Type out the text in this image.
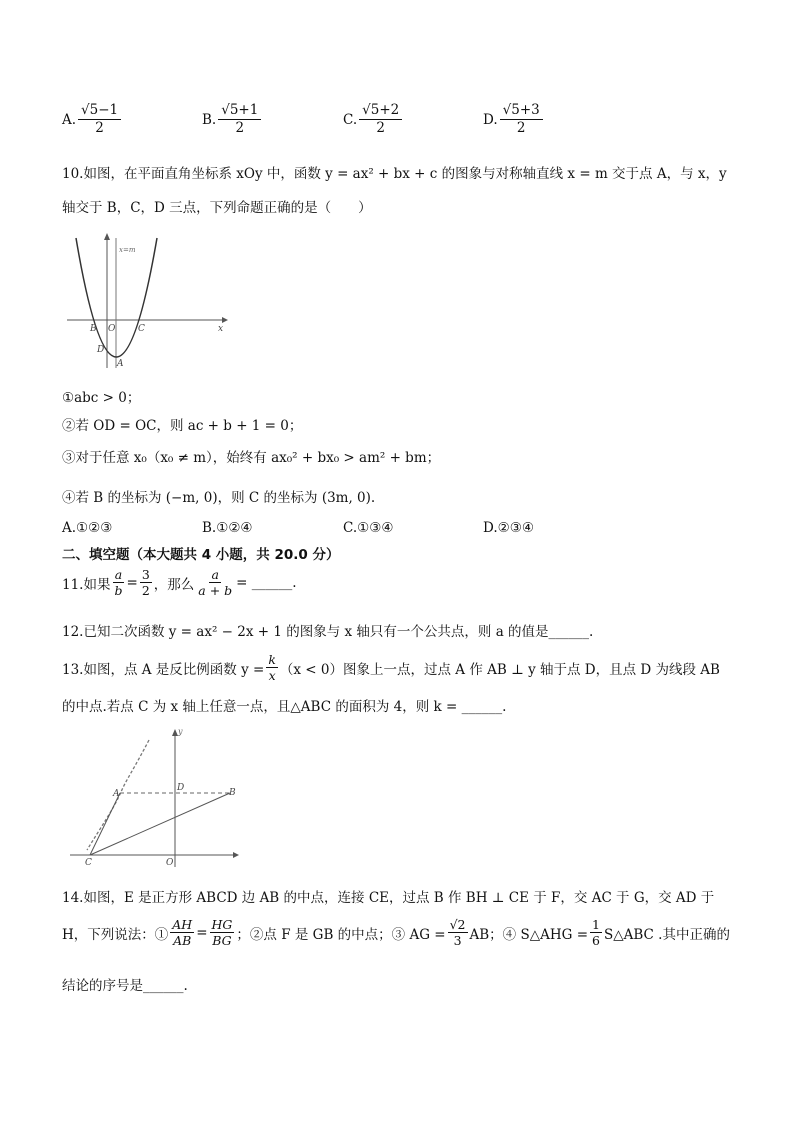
A. $\frac{√5-1}{2}$	B. $\frac{√5+1}{2}$	C. $\frac{√5+2}{2}$	D. $\frac{√5+3}{2}$
10.如图，在平面直角坐标系 xOy 中，函数 y = ax² + bx + c 的图象与对称轴直线 x = m 交于点 A，与 x，y
轴交于 B，C，D 三点，下列命题正确的是（　　）
B O	C	x
D
A
x=m
①abc > 0；
②若 OD = OC，则 ac + b + 1 = 0；
③对于任意 x₀（x₀ ≠ m），始终有 ax₀² + bx₀ > am² + bm；
④若 B 的坐标为 (−m, 0)，则 C 的坐标为 (3m, 0).
A.①②③	B.①②④	C.①③④	D.②③④
二、填空题（本大题共 4 小题，共 20.0 分）
11.如果 $\frac{a}{b} = \frac{3}{2}$ ，那么 $\frac{a}{a + b}$ = ______.
12.已知二次函数 y = ax² − 2x + 1 的图象与 x 轴只有一个公共点，则 a 的值是______.
13.如图，点 A 是反比例函数 $y = \frac{k}{x} (x < 0)$图象上一点，过点 A 作 AB ⊥ y 轴于点 D，且点 D 为线段 AB
的中点.若点 C 为 x 轴上任意一点，且△ABC 的面积为 4，则 k = ______.
A
D	B
C	O
y
14.如图，E 是正方形 ABCD 边 AB 的中点，连接 CE，过点 B 作 BH ⊥ CE 于 F，交 AC 于 G，交 AD 于
H，下列说法：① $\frac{AH}{AB} = \frac{HG}{BG}$ ；②点 F 是 GB 的中点；③ AG = $\frac{√2}{3}$ AB；④ S△AHG = $\frac{1}{6}$ S△ABC .其中正确的
结论的序号是______.
